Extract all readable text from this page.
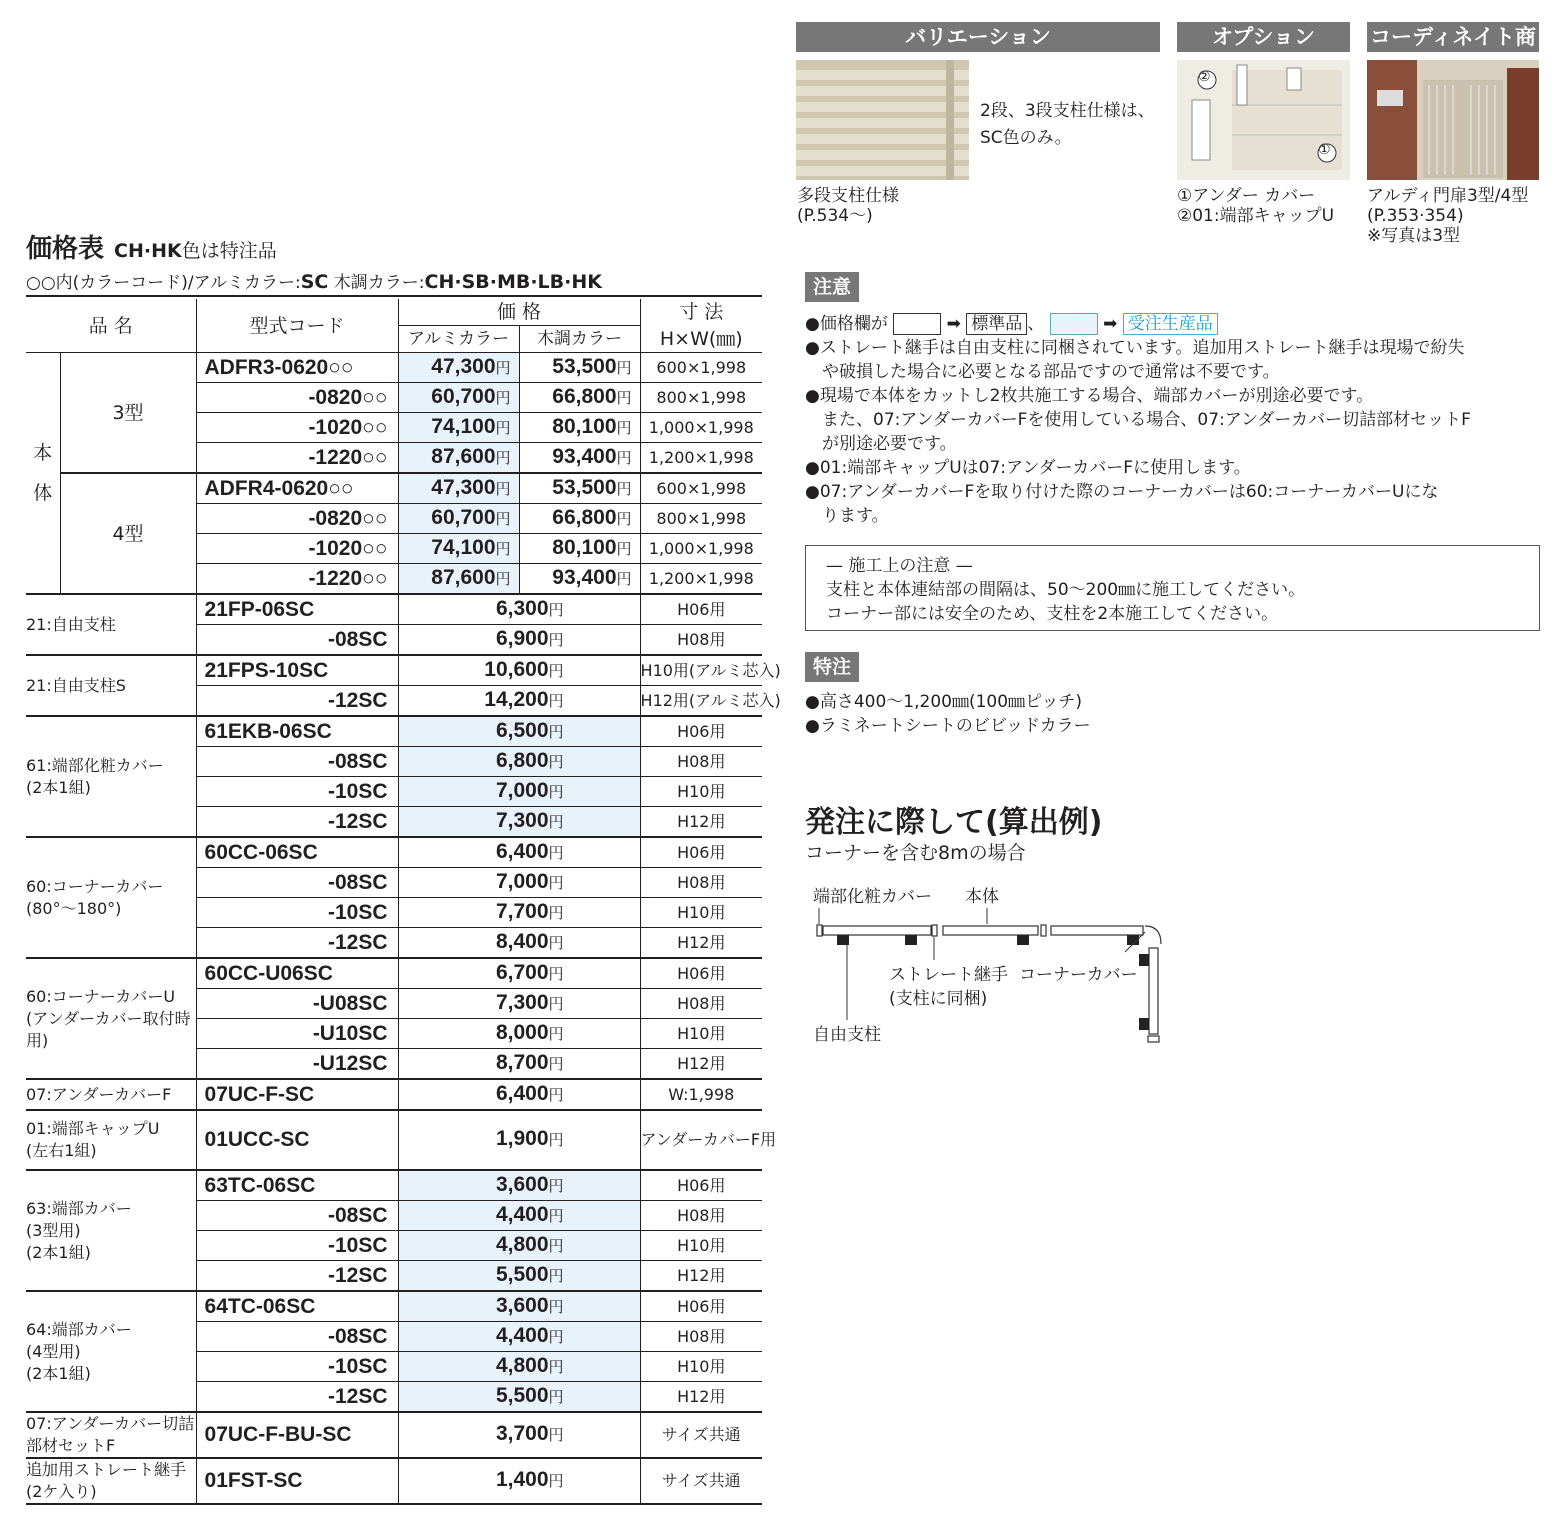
バリエーション	オプション	コーディネイト商
2段、3段支柱仕様は、
SC色のみ。
多段支柱仕様
(P.534〜)
②
①
①アンダー カバー
②01:端部キャップU
アルディ門扉3型/4型
(P.353·354)
※写真は3型
価格表 CH·HK色は特注品
○○内(カラーコード)/アルミカラー:SC 木調カラー:CH·SB·MB·LB·HK
品 名		型式コード	価 格		寸 法
			アルミカラー	木調カラー	H×W(㎜)
本体	3型	ADFR3-0620○○	47,300円	53,500円	600×1,998
		-0820○○	60,700円	66,800円	800×1,998
		-1020○○	74,100円	80,100円	1,000×1,998
		-1220○○	87,600円	93,400円	1,200×1,998
	4型	ADFR4-0620○○	47,300円	53,500円	600×1,998
		-0820○○	60,700円	66,800円	800×1,998
		-1020○○	74,100円	80,100円	1,000×1,998
		-1220○○	87,600円	93,400円	1,200×1,998
21:自由支柱		21FP-06SC	6,300円		H06用
		-08SC	6,900円		H08用
21:自由支柱S		21FPS-10SC	10,600円		H10用(アルミ芯入)
		-12SC	14,200円		H12用(アルミ芯入)
61:端部化粧カバー
(2本1組)		61EKB-06SC	6,500円		H06用
		-08SC	6,800円		H08用
		-10SC	7,000円		H10用
		-12SC	7,300円		H12用
60:コーナーカバー
(80°〜180°)		60CC-06SC	6,400円		H06用
		-08SC	7,000円		H08用
		-10SC	7,700円		H10用
		-12SC	8,400円		H12用
60:コーナーカバーU
(アンダーカバー取付時用)		60CC-U06SC	6,700円		H06用
		-U08SC	7,300円		H08用
		-U10SC	8,000円		H10用
		-U12SC	8,700円		H12用
07:アンダーカバーF		07UC-F-SC	6,400円		W:1,998
01:端部キャップU
(左右1組)		01UCC-SC	1,900円		アンダーカバーF用
63:端部カバー
(3型用)
(2本1組)		63TC-06SC	3,600円		H06用
		-08SC	4,400円		H08用
		-10SC	4,800円		H10用
		-12SC	5,500円		H12用
64:端部カバー
(4型用)
(2本1組)		64TC-06SC	3,600円		H06用
		-08SC	4,400円		H08用
		-10SC	4,800円		H10用
		-12SC	5,500円		H12用
07:アンダーカバー切詰部材セットF		07UC-F-BU-SC	3,700円		サイズ共通
追加用ストレート継手(2ケ入り)		01FST-SC	1,400円		サイズ共通
注意
●価格欄が	➡ 標準品 、	➡ 受注生産品
●ストレート継手は自由支柱に同梱されています。追加用ストレート継手は現場で紛失
　や破損した場合に必要となる部品ですので通常は不要です。
●現場で本体をカットし2枚共施工する場合、端部カバーが別途必要です。
　また、07:アンダーカバーFを使用している場合、07:アンダーカバー切詰部材セットF
　が別途必要です。
●01:端部キャップUは07:アンダーカバーFに使用します。
●07:アンダーカバーFを取り付けた際のコーナーカバーは60:コーナーカバーUにな
　ります。
— 施工上の注意 —
支柱と本体連結部の間隔は、50〜200㎜に施工してください。
コーナー部には安全のため、支柱を2本施工してください。
特注
●高さ400〜1,200㎜(100㎜ピッチ)
●ラミネートシートのビビッドカラー
発注に際して(算出例)
コーナーを含む8mの場合
端部化粧カバー 本体
ストレート継手
(支柱に同梱)
コーナーカバー
自由支柱
